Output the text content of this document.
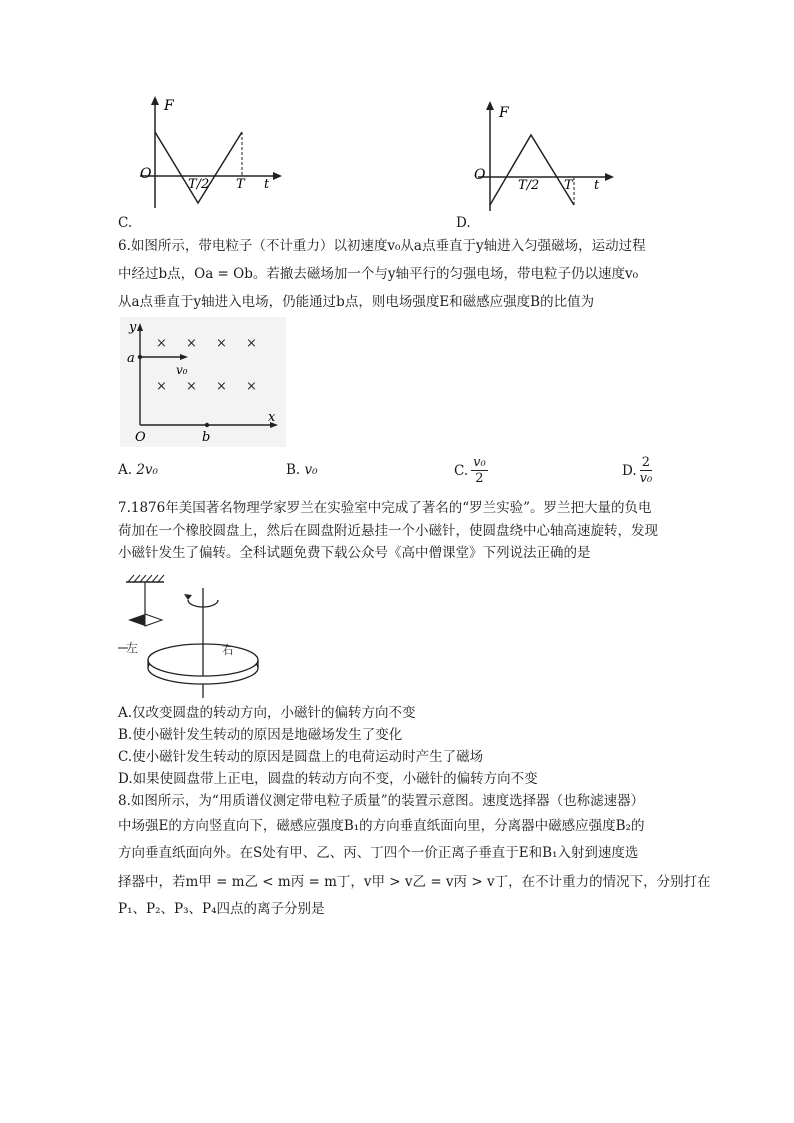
F
O
T/2 T t
C.
F
O
T/2 T t
D.
6.如图所示，带电粒子（不计重力）以初速度v₀从a点垂直于y轴进入匀强磁场，运动过程
中经过b点，Oa = Ob。若撤去磁场加一个与y轴平行的匀强电场，带电粒子仍以速度v₀
从a点垂直于y轴进入电场，仍能通过b点，则电场强度E和磁感应强度B的比值为
× × × ×
× × × ×
y
x
a
v₀
O	b
A. 2v₀	B. v₀	C. $\frac{\text{v₀}}{2}$	D. $\frac{2}{\text{v₀}}$
7.1876年美国著名物理学家罗兰在实验室中完成了著名的“罗兰实验”。罗兰把大量的负电
荷加在一个橡胶圆盘上，然后在圆盘附近悬挂一个小磁针，使圆盘绕中心轴高速旋转，发现
小磁针发生了偏转。全科试题免费下载公众号《高中僧课堂》下列说法正确的是
左	右
A.仅改变圆盘的转动方向，小磁针的偏转方向不变
B.使小磁针发生转动的原因是地磁场发生了变化
C.使小磁针发生转动的原因是圆盘上的电荷运动时产生了磁场
D.如果使圆盘带上正电，圆盘的转动方向不变，小磁针的偏转方向不变
8.如图所示，为“用质谱仪测定带电粒子质量”的装置示意图。速度选择器（也称滤速器）
中场强E的方向竖直向下，磁感应强度B₁的方向垂直纸面向里，分离器中磁感应强度B₂的
方向垂直纸面向外。在S处有甲、乙、丙、丁四个一价正离子垂直于E和B₁入射到速度选
择器中，若m甲 = m乙 < m丙 = m丁，v甲 > v乙 = v丙 > v丁，在不计重力的情况下，分别打在
P₁、P₂、P₃、P₄四点的离子分别是
